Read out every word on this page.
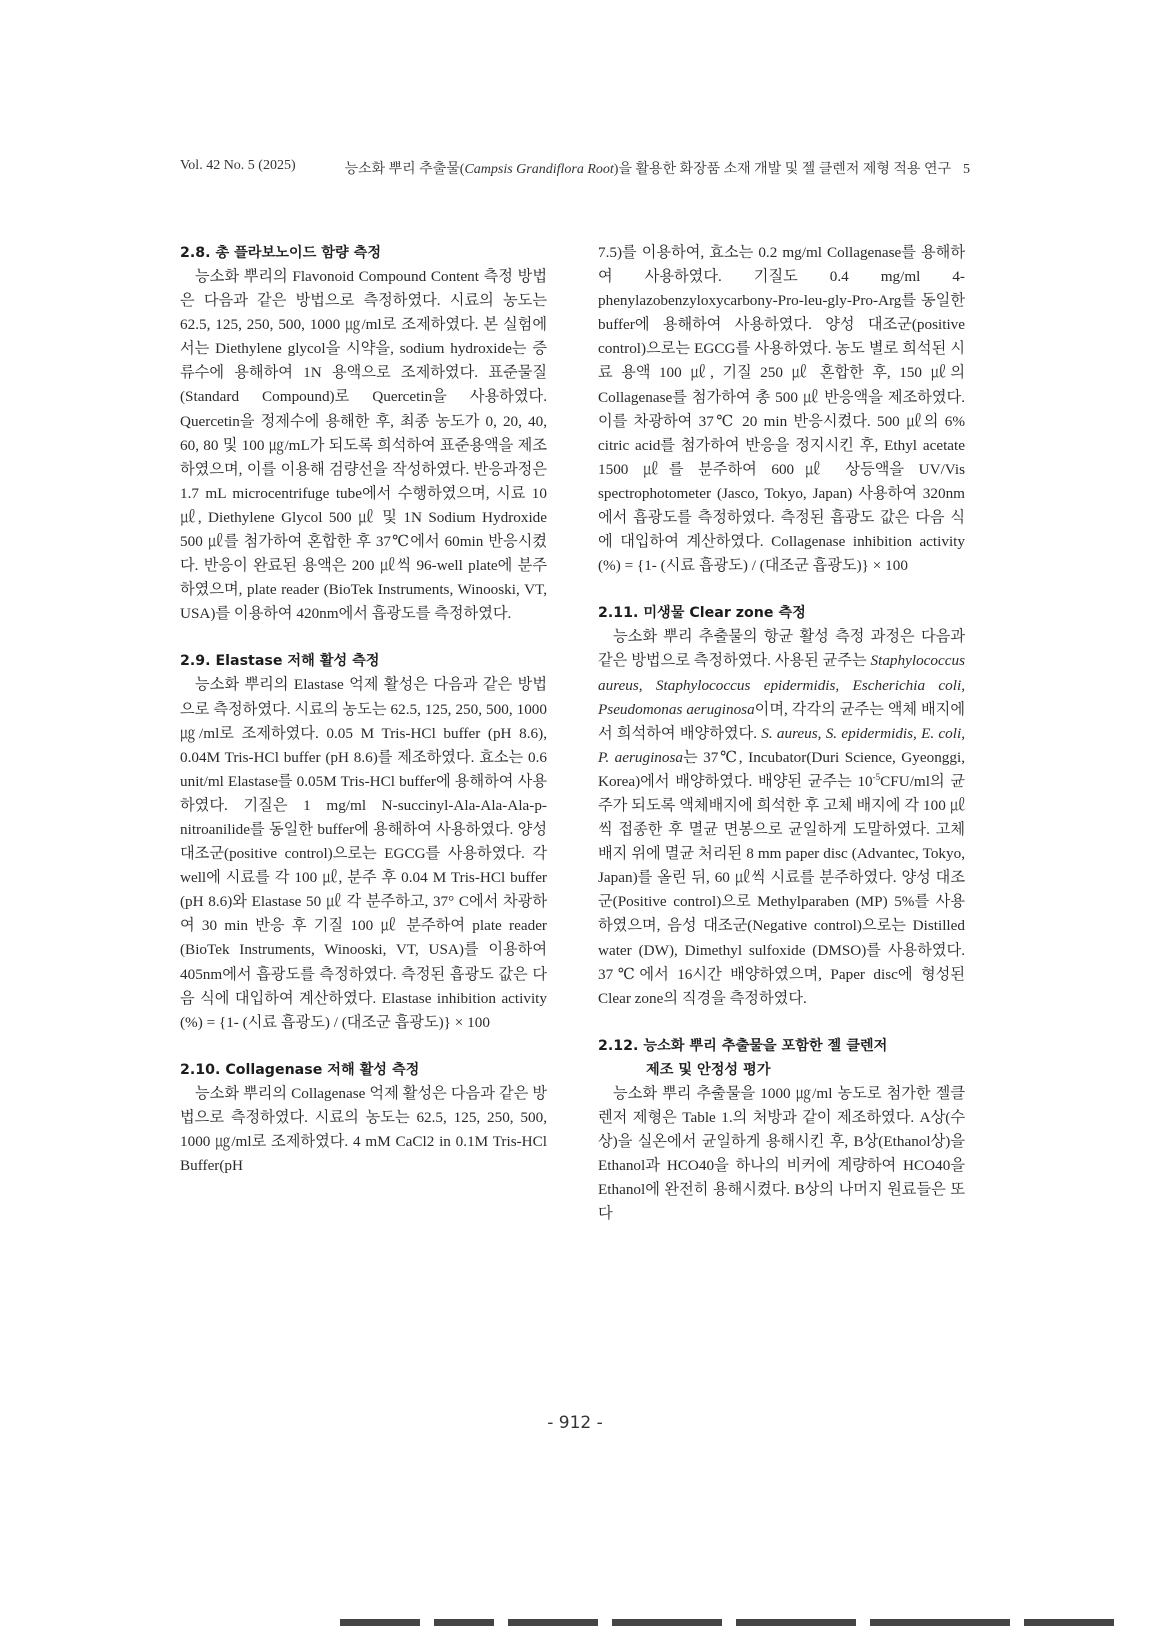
Vol. 42 No. 5 (2025)	능소화 뿌리 추출물(Campsis Grandiflora Root)을 활용한 화장품 소재 개발 및 젤 클렌저 제형 적용 연구 5
2.8. 총 플라보노이드 함량 측정

능소화 뿌리의 Flavonoid Compound Content 측정 방법은 다음과 같은 방법으로 측정하였다. 시료의 농도는 62.5, 125, 250, 500, 1000 ㎍/ml로 조제하였다. 본 실험에서는 Diethylene glycol을 시약을, sodium hydroxide는 증류수에 용해하여 1N 용액으로 조제하였다. 표준물질(Standard Compound)로 Quercetin을 사용하였다. Quercetin을 정제수에 용해한 후, 최종 농도가 0, 20, 40, 60, 80 및 100 ㎍/mL가 되도록 희석하여 표준용액을 제조하였으며, 이를 이용해 검량선을 작성하였다. 반응과정은 1.7 mL microcentrifuge tube에서 수행하였으며, 시료 10 ㎕, Diethylene Glycol 500 ㎕ 및 1N Sodium Hydroxide 500 ㎕를 첨가하여 혼합한 후 37℃에서 60min 반응시켰다. 반응이 완료된 용액은 200 ㎕씩 96-well plate에 분주하였으며, plate reader (BioTek Instruments, Winooski, VT, USA)를 이용하여 420nm에서 흡광도를 측정하였다.

2.9. Elastase 저해 활성 측정

능소화 뿌리의 Elastase 억제 활성은 다음과 같은 방법으로 측정하였다. 시료의 농도는 62.5, 125, 250, 500, 1000 ㎍/ml로 조제하였다. 0.05 M Tris-HCl buffer (pH 8.6), 0.04M Tris-HCl buffer (pH 8.6)를 제조하였다. 효소는 0.6 unit/ml Elastase를 0.05M Tris-HCl buffer에 용해하여 사용하였다. 기질은 1 mg/ml N-succinyl-Ala-Ala-Ala-p-nitroanilide를 동일한 buffer에 용해하여 사용하였다. 양성 대조군(positive control)으로는 EGCG를 사용하였다. 각 well에 시료를 각 100 ㎕, 분주 후 0.04 M Tris-HCl buffer (pH 8.6)와 Elastase 50 ㎕ 각 분주하고, 37° C에서 차광하여 30 min 반응 후 기질 100 ㎕ 분주하여 plate reader (BioTek Instruments, Winooski, VT, USA)를 이용하여 405nm에서 흡광도를 측정하였다. 측정된 흡광도 값은 다음 식에 대입하여 계산하였다. Elastase inhibition activity (%) = {1- (시료 흡광도) / (대조군 흡광도)} × 100

2.10. Collagenase 저해 활성 측정

능소화 뿌리의 Collagenase 억제 활성은 다음과 같은 방법으로 측정하였다. 시료의 농도는 62.5, 125, 250, 500, 1000 ㎍/ml로 조제하였다. 4 mM CaCl2 in 0.1M Tris-HCl Buffer(pH

7.5)를 이용하여, 효소는 0.2 mg/ml Collagenase를 용해하여 사용하였다. 기질도 0.4 mg/ml 4-phenylazobenzyloxycarbony-Pro-leu-gly-Pro-Arg를 동일한 buffer에 용해하여 사용하였다. 양성 대조군(positive control)으로는 EGCG를 사용하였다. 농도 별로 희석된 시료 용액 100 ㎕, 기질 250 ㎕ 혼합한 후, 150 ㎕의 Collagenase를 첨가하여 총 500 ㎕ 반응액을 제조하였다. 이를 차광하여 37℃ 20 min 반응시켰다. 500 ㎕의 6% citric acid를 첨가하여 반응을 정지시킨 후, Ethyl acetate 1500 ㎕를 분주하여 600㎕ 상등액을 UV/Vis spectrophotometer (Jasco, Tokyo, Japan) 사용하여 320nm에서 흡광도를 측정하였다. 측정된 흡광도 값은 다음 식에 대입하여 계산하였다. Collagenase inhibition activity (%) = {1- (시료 흡광도) / (대조군 흡광도)} × 100

2.11. 미생물 Clear zone 측정

능소화 뿌리 추출물의 항균 활성 측정 과정은 다음과 같은 방법으로 측정하였다. 사용된 균주는 Staphylococcus aureus, Staphylococcus epidermidis, Escherichia coli, Pseudomonas aeruginosa이며, 각각의 균주는 액체 배지에서 희석하여 배양하였다. S. aureus, S. epidermidis, E. coli, P. aeruginosa는 37℃, Incubator(Duri Science, Gyeonggi, Korea)에서 배양하였다. 배양된 균주는 $10^{-5}CFU/ml$의 균주가 되도록 액체배지에 희석한 후 고체 배지에 각 100 ㎕씩 접종한 후 멸균 면봉으로 균일하게 도말하였다. 고체 배지 위에 멸균 처리된 8 mm paper disc (Advantec, Tokyo, Japan)를 올린 뒤, 60 ㎕씩 시료를 분주하였다. 양성 대조군(Positive control)으로 Methylparaben (MP) 5%를 사용하였으며, 음성 대조군(Negative control)으로는 Distilled water (DW), Dimethyl sulfoxide (DMSO)를 사용하였다. 37℃에서 16시간 배양하였으며, Paper disc에 형성된 Clear zone의 직경을 측정하였다.

2.12. 능소화 뿌리 추출물을 포함한 젤 클렌저
제조 및 안정성 평가

능소화 뿌리 추출물을 1000 ㎍/ml 농도로 첨가한 젤클렌저 제형은 Table 1.의 처방과 같이 제조하였다. A상(수상)을 실온에서 균일하게 용해시킨 후, B상(Ethanol상)을 Ethanol과 HCO40을 하나의 비커에 계량하여 HCO40을 Ethanol에 완전히 용해시켰다. B상의 나머지 원료들은 또 다

- 912 -
